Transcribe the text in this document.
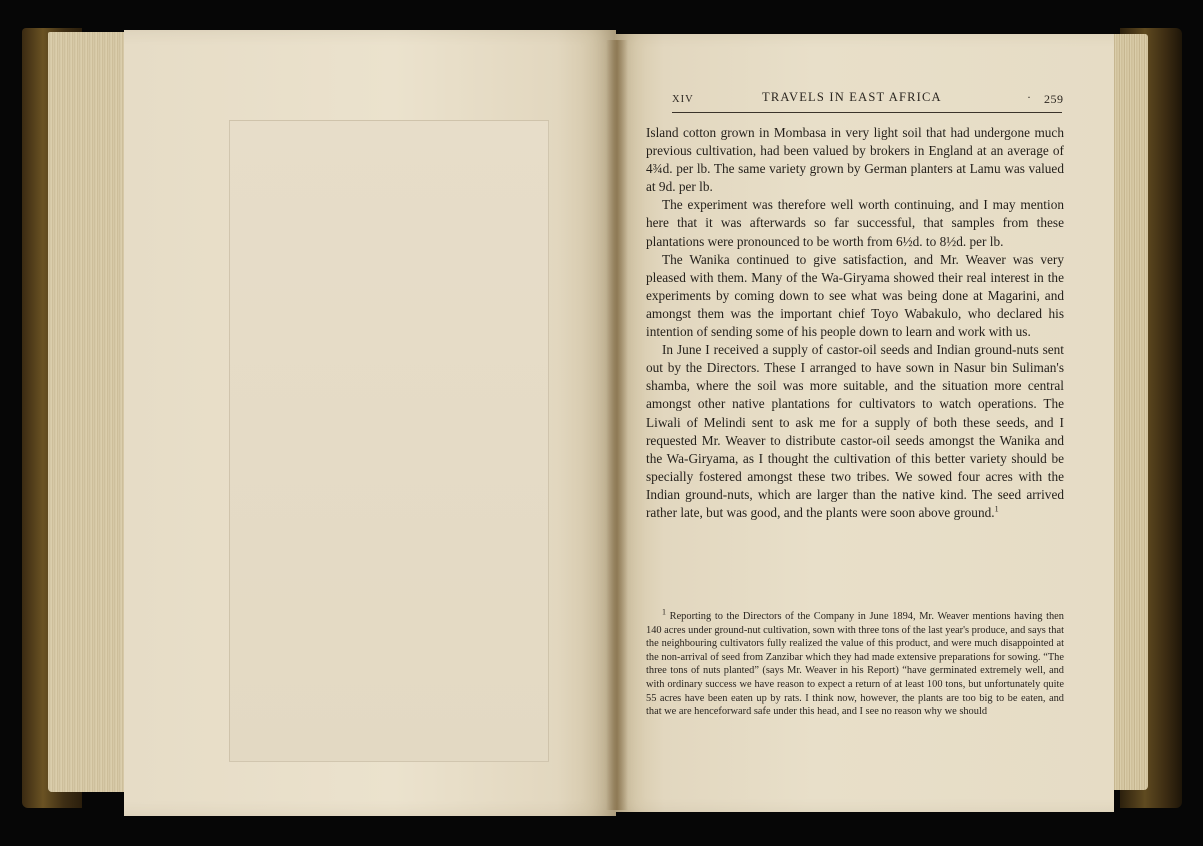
XIV	TRAVELS IN EAST AFRICA	· 259

Island cotton grown in Mombasa in very light soil that had undergone much previous cultivation, had been valued by brokers in England at an average of 4¾d. per lb. The same variety grown by German planters at Lamu was valued at 9d. per lb.

The experiment was therefore well worth continuing, and I may mention here that it was afterwards so far successful, that samples from these plantations were pronounced to be worth from 6½d. to 8½d. per lb.

The Wanika continued to give satisfaction, and Mr. Weaver was very pleased with them. Many of the Wa-Giryama showed their real interest in the experiments by coming down to see what was being done at Magarini, and amongst them was the important chief Toyo Wabakulo, who declared his intention of sending some of his people down to learn and work with us.

In June I received a supply of castor-oil seeds and Indian ground-nuts sent out by the Directors. These I arranged to have sown in Nasur bin Suliman's shamba, where the soil was more suitable, and the situation more central amongst other native plantations for cultivators to watch operations. The Liwali of Melindi sent to ask me for a supply of both these seeds, and I requested Mr. Weaver to distribute castor-oil seeds amongst the Wanika and the Wa-Giryama, as I thought the cultivation of this better variety should be specially fostered amongst these two tribes. We sowed four acres with the Indian ground-nuts, which are larger than the native kind. The seed arrived rather late, but was good, and the plants were soon above ground.$^1$

$^1$ Reporting to the Directors of the Company in June 1894, Mr. Weaver mentions having then 140 acres under ground-nut cultivation, sown with three tons of the last year's produce, and says that the neighbouring cultivators fully realized the value of this product, and were much disappointed at the non-arrival of seed from Zanzibar which they had made extensive preparations for sowing. “The three tons of nuts planted” (says Mr. Weaver in his Report) “have germinated extremely well, and with ordinary success we have reason to expect a return of at least 100 tons, but unfortunately quite 55 acres have been eaten up by rats. I think now, however, the plants are too big to be eaten, and that we are henceforward safe under this head, and I see no reason why we should
